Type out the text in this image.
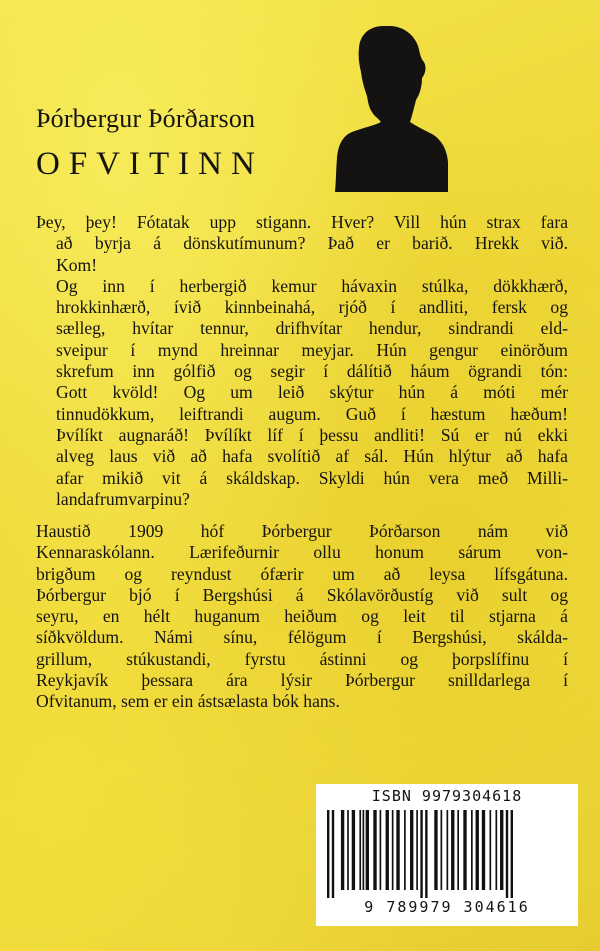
Þórbergur Þórðarson
OFVITINN
Þey, þey! Fótatak upp stigann. Hver? Vill hún strax fara
að byrja á dönskutímunum? Það er barið. Hrekk við.
Kom!
Og inn í herbergið kemur hávaxin stúlka, dökkhærð,
hrokkinhærð, ívið kinnbeinahá, rjóð í andliti, fersk og
sælleg, hvítar tennur, drifhvítar hendur, sindrandi eld-
sveipur í mynd hreinnar meyjar. Hún gengur einörðum
skrefum inn gólfið og segir í dálítið háum ögrandi tón:
Gott kvöld! Og um leið skýtur hún á móti mér
tinnudökkum, leiftrandi augum. Guð í hæstum hæðum!
Þvílíkt augnaráð! Þvílíkt líf í þessu andliti! Sú er nú ekki
alveg laus við að hafa svolítið af sál. Hún hlýtur að hafa
afar mikið vit á skáldskap. Skyldi hún vera með Milli-
landafrumvarpinu?
Haustið 1909 hóf Þórbergur Þórðarson nám við
Kennaraskólann. Lærifeðurnir ollu honum sárum von-
brigðum og reyndust ófærir um að leysa lífsgátuna.
Þórbergur bjó í Bergshúsi á Skólavörðustíg við sult og
seyru, en hélt huganum heiðum og leit til stjarna á
síðkvöldum. Námi sínu, félögum í Bergshúsi, skálda-
grillum, stúkustandi, fyrstu ástinni og þorpslífinu í
Reykjavík þessara ára lýsir Þórbergur snilldarlega í
Ofvitanum, sem er ein ástsælasta bók hans.
ISBN 9979304618
9 789979 304616
